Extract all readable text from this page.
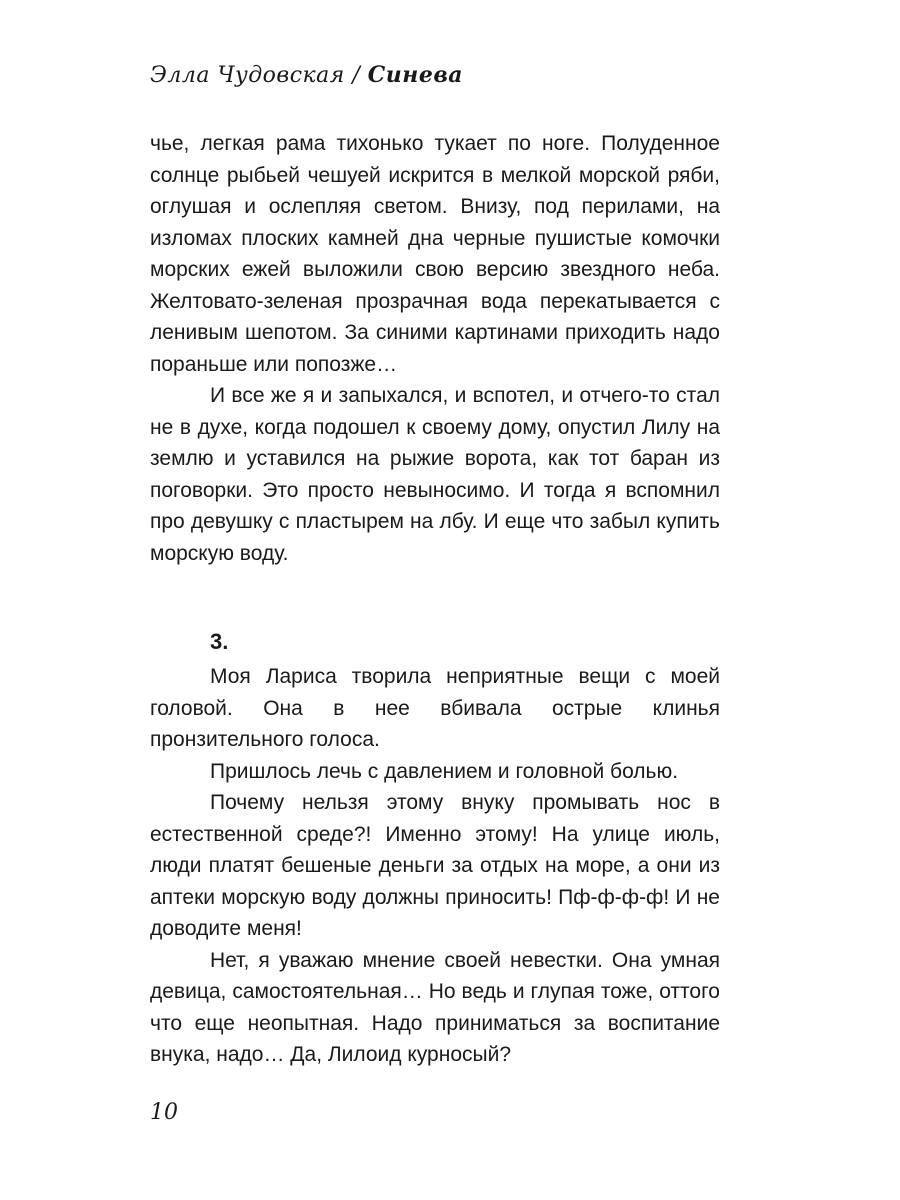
Элла Чудовская / Синева

чье, легкая рама тихонько тукает по ноге. Полуденное солнце рыбьей чешуей искрится в мелкой морской ряби, оглушая и ослепляя светом. Внизу, под перилами, на изломах плоских камней дна черные пушистые комочки морских ежей выложили свою версию звездного неба. Желтовато-зеленая прозрачная вода перекатывается с ленивым шепотом. За синими картинами приходить надо пораньше или попозже…

И все же я и запыхался, и вспотел, и отчего-то стал не в духе, когда подошел к своему дому, опустил Лилу на землю и уставился на рыжие ворота, как тот баран из поговорки. Это просто невыносимо. И тогда я вспомнил про девушку с пластырем на лбу. И еще что забыл купить морскую воду.

3.

Моя Лариса творила неприятные вещи с моей головой. Она в нее вбивала острые клинья пронзительного голоса.

Пришлось лечь с давлением и головной болью.

Почему нельзя этому внуку промывать нос в естественной среде?! Именно этому! На улице июль, люди платят бешеные деньги за отдых на море, а они из аптеки морскую воду должны приносить! Пф-ф-ф-ф! И не доводите меня!

Нет, я уважаю мнение своей невестки. Она умная девица, самостоятельная… Но ведь и глупая тоже, оттого что еще неопытная. Надо приниматься за воспитание внука, надо… Да, Лилоид курносый?

10
